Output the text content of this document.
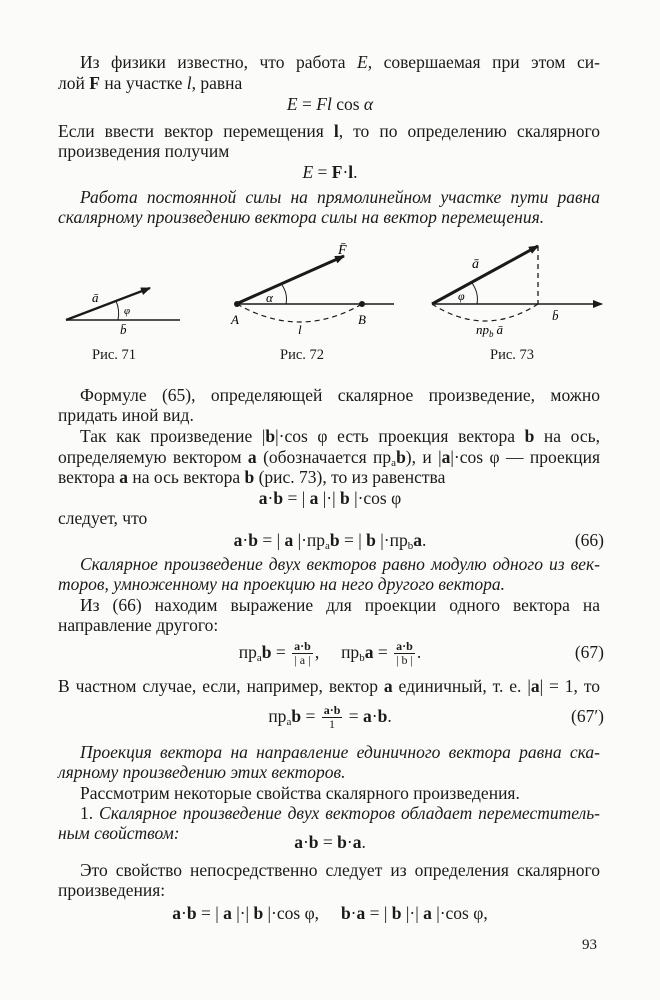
Из физики известно, что работа E, совершаемая при этом си-
лой F на участке l, равна
E = Fl cos α
Если ввести вектор перемещения l, то по определению скалярного
произведения получим
E = F·l.
Работа постоянной силы на прямолинейном участке пути равна
скалярному произведению вектора силы на вектор перемещения.
ā
φ
b̄
F̄
α
A	B
l
ā
φ
b̄
$пр_b$ ā
Рис. 71	Рис. 72	Рис. 73
Формуле (65), определяющей скалярное произведение, можно
придать иной вид.
Так как произведение |b|·cos φ есть проекция вектора b на ось,
определяемую вектором a (обозначается $пр_ab$), и |a|·cos φ — проекция
вектора a на ось вектора b (рис. 73), то из равенства
a·b = | a |·| b |·cos φ
следует, что
a·b = | a $|\cdot пр_ab$ = | b $|\cdot пр_ba$.	(66)
Скалярное произведение двух векторов равно модулю одного из век-
торов, умноженному на проекцию на него другого вектора.
Из (66) находим выражение для проекции одного вектора на
направление другого:
$пр_ab = \frac{a\cdot b}{| a |}$ ,     $пр_ba = \frac{a\cdot b}{| b |}$ .	(67)
В частном случае, если, например, вектор a единичный, т. е. |a| = 1, то
$пр_ab = \frac{a\cdot b}{1} = a\cdot b$.	(67′)
Проекция вектора на направление единичного вектора равна ска-
лярному произведению этих векторов.
Рассмотрим некоторые свойства скалярного произведения.
1. Скалярное произведение двух векторов обладает переместитель-
ным свойством:	a·b = b·a.
Это свойство непосредственно следует из определения скалярного
произведения:
a·b = | a |·| b |·cos φ,     b·a = | b |·| a |·cos φ,
93
